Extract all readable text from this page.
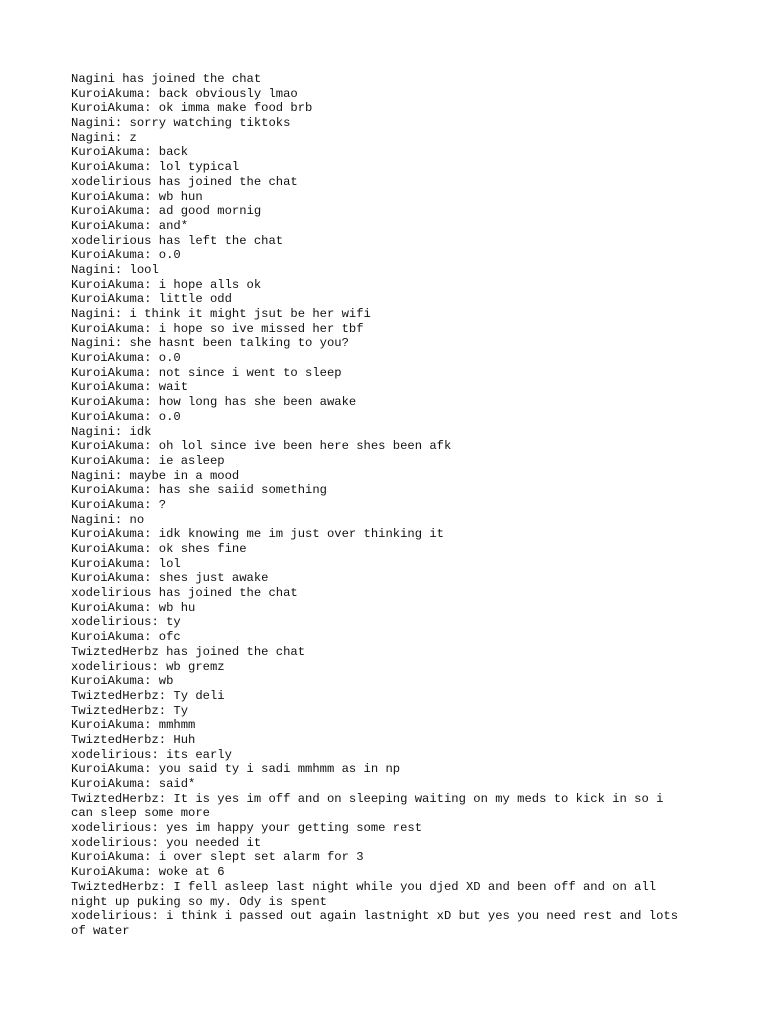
Nagini has joined the chat
KuroiAkuma: back obviously lmao
KuroiAkuma: ok imma make food brb
Nagini: sorry watching tiktoks
Nagini: z
KuroiAkuma: back
KuroiAkuma: lol typical
xodelirious has joined the chat
KuroiAkuma: wb hun
KuroiAkuma: ad good mornig
KuroiAkuma: and*
xodelirious has left the chat
KuroiAkuma: o.0
Nagini: lool
KuroiAkuma: i hope alls ok
KuroiAkuma: little odd
Nagini: i think it might jsut be her wifi
KuroiAkuma: i hope so ive missed her tbf
Nagini: she hasnt been talking to you?
KuroiAkuma: o.0
KuroiAkuma: not since i went to sleep
KuroiAkuma: wait
KuroiAkuma: how long has she been awake
KuroiAkuma: o.0
Nagini: idk
KuroiAkuma: oh lol since ive been here shes been afk
KuroiAkuma: ie asleep
Nagini: maybe in a mood
KuroiAkuma: has she saiid something
KuroiAkuma: ?
Nagini: no
KuroiAkuma: idk knowing me im just over thinking it
KuroiAkuma: ok shes fine
KuroiAkuma: lol
KuroiAkuma: shes just awake
xodelirious has joined the chat
KuroiAkuma: wb hu
xodelirious: ty
KuroiAkuma: ofc
TwiztedHerbz has joined the chat
xodelirious: wb gremz
KuroiAkuma: wb
TwiztedHerbz: Ty deli
TwiztedHerbz: Ty
KuroiAkuma: mmhmm
TwiztedHerbz: Huh
xodelirious: its early
KuroiAkuma: you said ty i sadi mmhmm as in np
KuroiAkuma: said*
TwiztedHerbz: It is yes im off and on sleeping waiting on my meds to kick in so i
can sleep some more
xodelirious: yes im happy your getting some rest
xodelirious: you needed it
KuroiAkuma: i over slept set alarm for 3
KuroiAkuma: woke at 6
TwiztedHerbz: I fell asleep last night while you djed XD and been off and on all
night up puking so my. Ody is spent
xodelirious: i think i passed out again lastnight xD but yes you need rest and lots
of water
